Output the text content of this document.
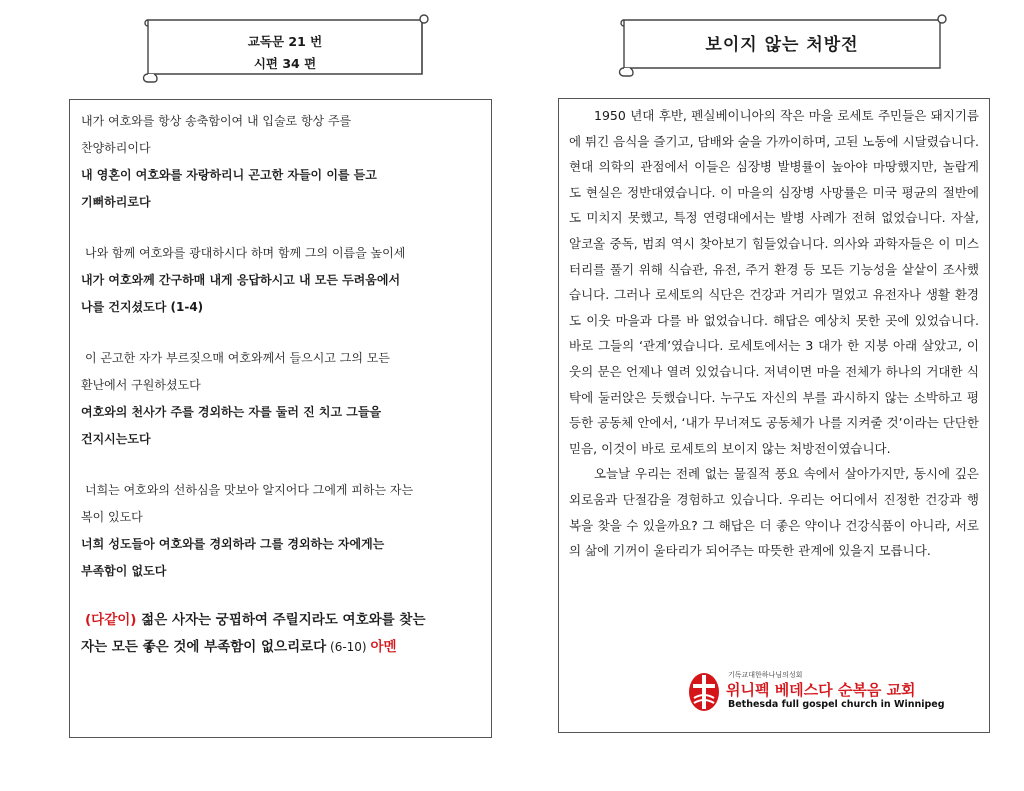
교독문 21 번
시편 34 편
보이지 않는 처방전

내가 여호와를 항상 송축함이여 내 입술로 항상 주를

찬양하리이다

내 영혼이 여호와를 자랑하리니 곤고한 자들이 이를 듣고

기뻐하리로다

나와 함께 여호와를 광대하시다 하며 함께 그의 이름을 높이세

내가 여호와께 간구하매 내게 응답하시고 내 모든 두려움에서

나를 건지셨도다 (1-4)

이 곤고한 자가 부르짖으매 여호와께서 들으시고 그의 모든

환난에서 구원하셨도다

여호와의 천사가 주를 경외하는 자를 둘러 진 치고 그들을

건지시는도다

너희는 여호와의 선하심을 맛보아 알지어다 그에게 피하는 자는

복이 있도다

너희 성도들아 여호와를 경외하라 그를 경외하는 자에게는

부족함이 없도다

(다같이) 젊은 사자는 궁핍하여 주릴지라도 여호와를 찾는

자는 모든 좋은 것에 부족함이 없으리로다 (6-10) 아멘

1950 년대 후반, 펜실베이니아의 작은 마을 로세토 주민들은 돼지기름에 튀긴 음식을 즐기고, 담배와 술을 가까이하며, 고된 노동에 시달렸습니다. 현대 의학의 관점에서 이들은 심장병 발병률이 높아야 마땅했지만, 놀랍게도 현실은 정반대였습니다. 이 마을의 심장병 사망률은 미국 평균의 절반에도 미치지 못했고, 특정 연령대에서는 발병 사례가 전혀 없었습니다. 자살, 알코올 중독, 범죄 역시 찾아보기 힘들었습니다. 의사와 과학자들은 이 미스터리를 풀기 위해 식습관, 유전, 주거 환경 등 모든 기능성을 샅샅이 조사했습니다. 그러나 로세토의 식단은 건강과 거리가 멀었고 유전자나 생활 환경도 이웃 마을과 다를 바 없었습니다. 해답은 예상치 못한 곳에 있었습니다. 바로 그들의 ‘관계’였습니다. 로세토에서는 3 대가 한 지붕 아래 살았고, 이웃의 문은 언제나 열려 있었습니다. 저녁이면 마을 전체가 하나의 거대한 식탁에 둘러앉은 듯했습니다. 누구도 자신의 부를 과시하지 않는 소박하고 평등한 공동체 안에서, ‘내가 무너져도 공동체가 나를 지켜줄 것’이라는 단단한 믿음, 이것이 바로 로세토의 보이지 않는 처방전이였습니다.

오늘날 우리는 전례 없는 물질적 풍요 속에서 살아가지만, 동시에 깊은 외로움과 단절감을 경험하고 있습니다. 우리는 어디에서 진정한 건강과 행복을 찾을 수 있을까요? 그 해답은 더 좋은 약이나 건강식품이 아니라, 서로의 삶에 기꺼이 울타리가 되어주는 따뜻한 관계에 있을지 모릅니다.

기독교대한하나님의성회
위니펙 베데스다 순복음 교회
Bethesda full gospel church in Winnipeg
